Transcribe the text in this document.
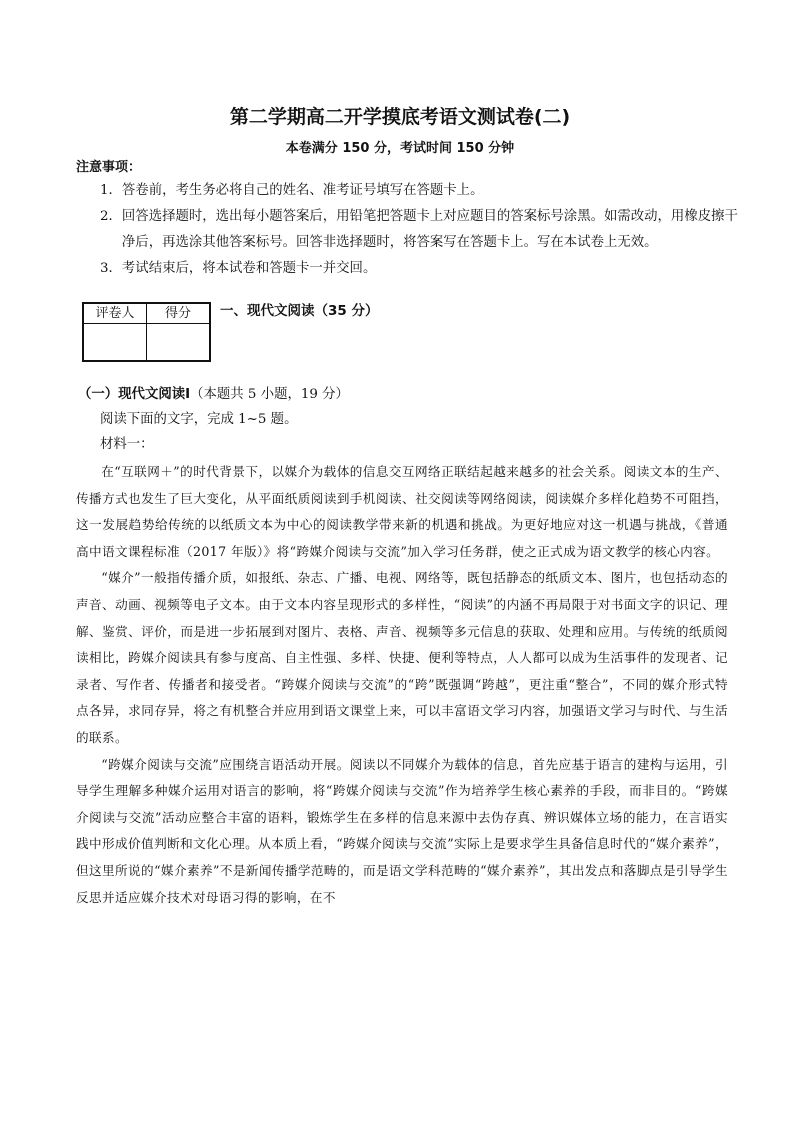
第二学期高二开学摸底考语文测试卷(二)
本卷满分 150 分，考试时间 150 分钟
注意事项：
1． 答卷前，考生务必将自己的姓名、准考证号填写在答题卡上。
2． 回答选择题时，选出每小题答案后，用铅笔把答题卡上对应题目的答案标号涂黑。如需改动，用橡皮擦干净后，再选涂其他答案标号。回答非选择题时，将答案写在答题卡上。写在本试卷上无效。
3． 考试结束后，将本试卷和答题卡一并交回。
评卷人	得分
	一、现代文阅读（35 分）
（一）现代文阅读Ⅰ（本题共 5 小题，19 分）
阅读下面的文字，完成 1~5 题。
材料一：

在“互联网＋”的时代背景下，以媒介为载体的信息交互网络正联结起越来越多的社会关系。阅读文本的生产、传播方式也发生了巨大变化，从平面纸质阅读到手机阅读、社交阅读等网络阅读，阅读媒介多样化趋势不可阻挡，这一发展趋势给传统的以纸质文本为中心的阅读教学带来新的机遇和挑战。为更好地应对这一机遇与挑战，《普通高中语文课程标准（2017 年版）》将“跨媒介阅读与交流”加入学习任务群，使之正式成为语文教学的核心内容。

“媒介”一般指传播介质，如报纸、杂志、广播、电视、网络等，既包括静态的纸质文本、图片，也包括动态的声音、动画、视频等电子文本。由于文本内容呈现形式的多样性，“阅读”的内涵不再局限于对书面文字的识记、理解、鉴赏、评价，而是进一步拓展到对图片、表格、声音、视频等多元信息的获取、处理和应用。与传统的纸质阅读相比，跨媒介阅读具有参与度高、自主性强、多样、快捷、便利等特点，人人都可以成为生活事件的发现者、记录者、写作者、传播者和接受者。“跨媒介阅读与交流”的“跨”既强调“跨越”，更注重“整合”，不同的媒介形式特点各异，求同存异，将之有机整合并应用到语文课堂上来，可以丰富语文学习内容，加强语文学习与时代、与生活的联系。

“跨媒介阅读与交流”应围绕言语活动开展。阅读以不同媒介为载体的信息，首先应基于语言的建构与运用，引导学生理解多种媒介运用对语言的影响，将“跨媒介阅读与交流”作为培养学生核心素养的手段，而非目的。“跨媒介阅读与交流”活动应整合丰富的语料，锻炼学生在多样的信息来源中去伪存真、辨识媒体立场的能力，在言语实践中形成价值判断和文化心理。从本质上看，“跨媒介阅读与交流”实际上是要求学生具备信息时代的“媒介素养”，但这里所说的“媒介素养”不是新闻传播学范畴的，而是语文学科范畴的“媒介素养”，其出发点和落脚点是引导学生反思并适应媒介技术对母语习得的影响，在不
